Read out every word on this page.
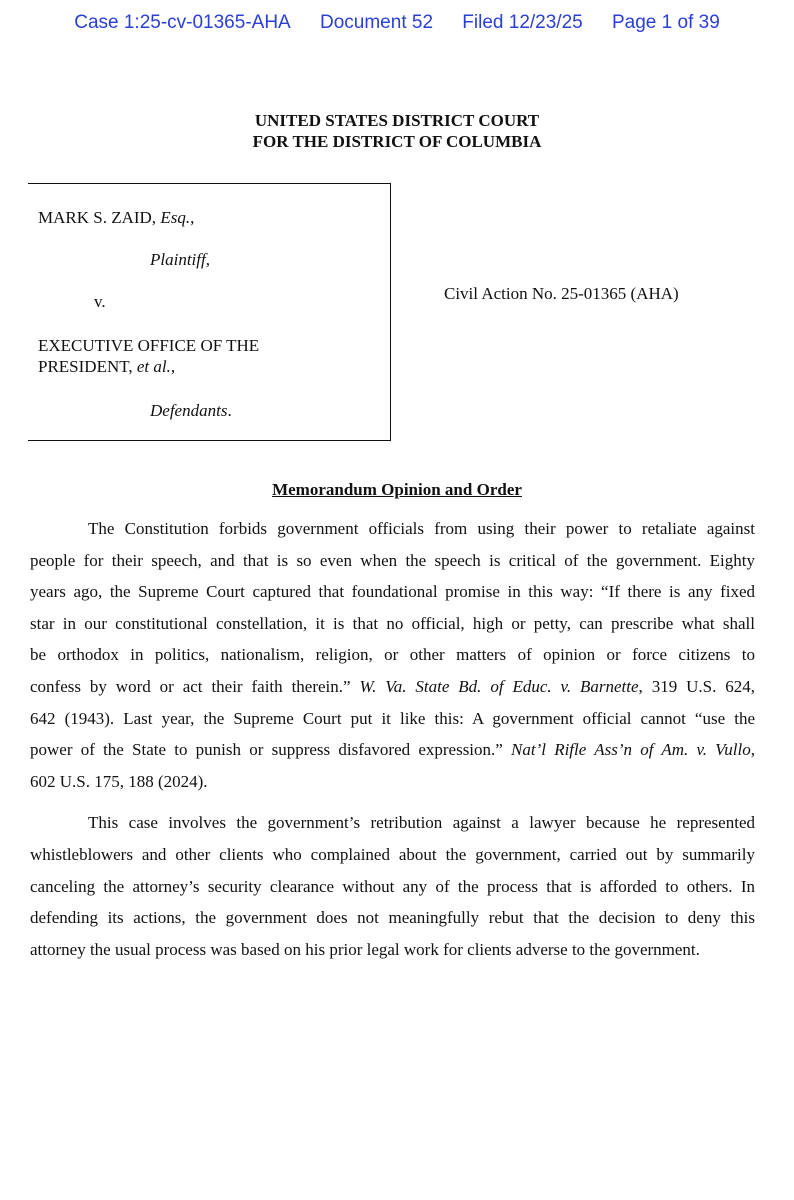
Case 1:25-cv-01365-AHA Document 52 Filed 12/23/25 Page 1 of 39
UNITED STATES DISTRICT COURT
FOR THE DISTRICT OF COLUMBIA
MARK S. ZAID, Esq.,
Plaintiff,
v.
EXECUTIVE OFFICE OF THE
PRESIDENT, et al.,
Defendants.
Civil Action No. 25-01365 (AHA)
Memorandum Opinion and Order
The Constitution forbids government officials from using their power to retaliate against
people for their speech, and that is so even when the speech is critical of the government. Eighty
years ago, the Supreme Court captured that foundational promise in this way: “If there is any fixed
star in our constitutional constellation, it is that no official, high or petty, can prescribe what shall
be orthodox in politics, nationalism, religion, or other matters of opinion or force citizens to
confess by word or act their faith therein.” W. Va. State Bd. of Educ. v. Barnette, 319 U.S. 624,
642 (1943). Last year, the Supreme Court put it like this: A government official cannot “use the
power of the State to punish or suppress disfavored expression.” Nat’l Rifle Ass’n of Am. v. Vullo,
602 U.S. 175, 188 (2024).
This case involves the government’s retribution against a lawyer because he represented
whistleblowers and other clients who complained about the government, carried out by summarily
canceling the attorney’s security clearance without any of the process that is afforded to others. In
defending its actions, the government does not meaningfully rebut that the decision to deny this
attorney the usual process was based on his prior legal work for clients adverse to the government.
